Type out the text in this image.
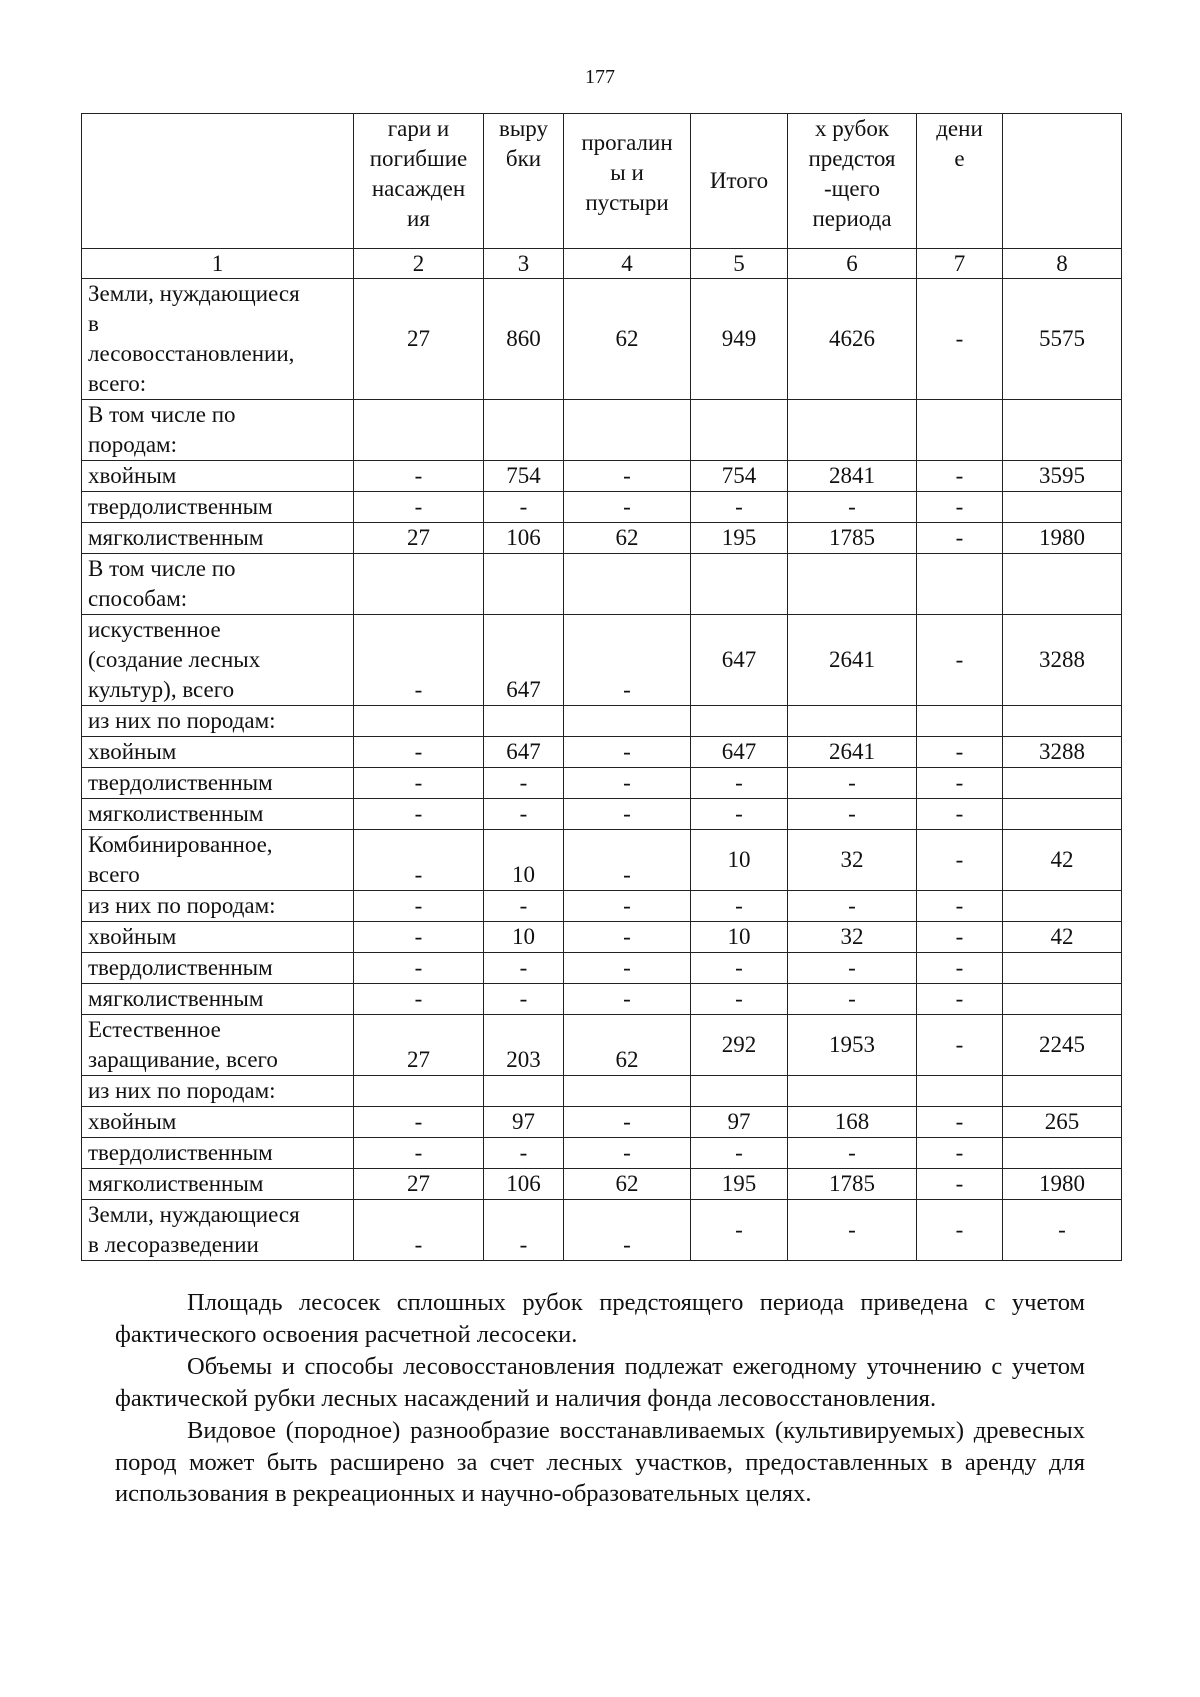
177
	гари и
погибшие
насажден
ия	выру
бки	прогалин
ы и
пустыри	Итого	х рубок
предстоя
-щего
периода	дени
е	
1	2	3	4	5	6	7	8
Земли, нуждающиеся
в
лесовосстановлении,
всего:	27	860	62	949	4626	-	5575
В том числе по
породам:							
хвойным	-	754	-	754	2841	-	3595
твердолиственным	-	-	-	-	-	-	
мягколиственным	27	106	62	195	1785	-	1980
В том числе по
способам:							
искуственное
(создание лесных
культур), всего	-	647	-	647	2641	-	3288
из них по породам:							
хвойным	-	647	-	647	2641	-	3288
твердолиственным	-	-	-	-	-	-	
мягколиственным	-	-	-	-	-	-	
Комбинированное,
всего	-	10	-	10	32	-	42
из них по породам:	-	-	-	-	-	-	
хвойным	-	10	-	10	32	-	42
твердолиственным	-	-	-	-	-	-	
мягколиственным	-	-	-	-	-	-	
Естественное
заращивание, всего	27	203	62	292	1953	-	2245
из них по породам:							
хвойным	-	97	-	97	168	-	265
твердолиственным	-	-	-	-	-	-	
мягколиственным	27	106	62	195	1785	-	1980
Земли, нуждающиеся
в лесоразведении	-	-	-	-	-	-	-

Площадь лесосек сплошных рубок предстоящего периода приведена с учетом фактического освоения расчетной лесосеки.

Объемы и способы лесовосстановления подлежат ежегодному уточнению с учетом фактической рубки лесных насаждений и наличия фонда лесовосстановления.

Видовое (породное) разнообразие восстанавливаемых (культивируемых) древесных пород может быть расширено за счет лесных участков, предоставленных в аренду для использования в рекреационных и научно-образовательных целях.
